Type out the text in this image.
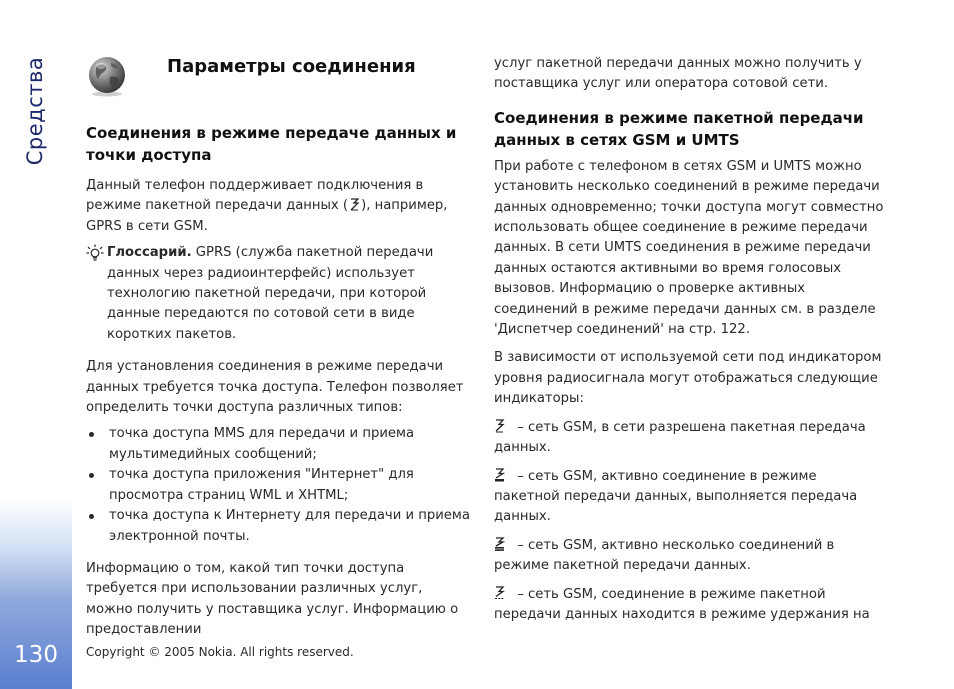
Средства
130
Параметры соединения
Соединения в режиме передаче данных и точки доступа
Данный телефон поддерживает подключения в режиме пакетной передачи данных ( ), например, GPRS в сети GSM.
Глоссарий. GPRS (служба пакетной передачи данных через радиоинтерфейс) использует технологию пакетной передачи, при которой данные передаются по сотовой сети в виде коротких пакетов.
Для установления соединения в режиме передачи данных требуется точка доступа. Телефон позволяет определить точки доступа различных типов:
точка доступа MMS для передачи и приема мультимедийных сообщений;
точка доступа приложения "Интернет" для просмотра страниц WML и XHTML;
точка доступа к Интернету для передачи и приема электронной почты.
Информацию о том, какой тип точки доступа требуется при использовании различных услуг, можно получить у поставщика услуг. Информацию о предоставлении
услуг пакетной передачи данных можно получить у поставщика услуг или оператора сотовой сети.
Соединения в режиме пакетной передачи данных в сетях GSM и UMTS
При работе с телефоном в сетях GSM и UMTS можно установить несколько соединений в режиме передачи данных одновременно; точки доступа могут совместно использовать общее соединение в режиме передачи данных. В сети UMTS соединения в режиме передачи данных остаются активными во время голосовых вызовов. Информацию о проверке активных соединений в режиме передачи данных см. в разделе 'Диспетчер соединений' на стр. 122.
В зависимости от используемой сети под индикатором уровня радиосигнала могут отображаться следующие индикаторы:
– сеть GSM, в сети разрешена пакетная передача данных.
– сеть GSM, активно соединение в режиме пакетной передачи данных, выполняется передача данных.
– сеть GSM, активно несколько соединений в режиме пакетной передачи данных.
– сеть GSM, соединение в режиме пакетной передачи данных находится в режиме удержания на
Copyright © 2005 Nokia. All rights reserved.
